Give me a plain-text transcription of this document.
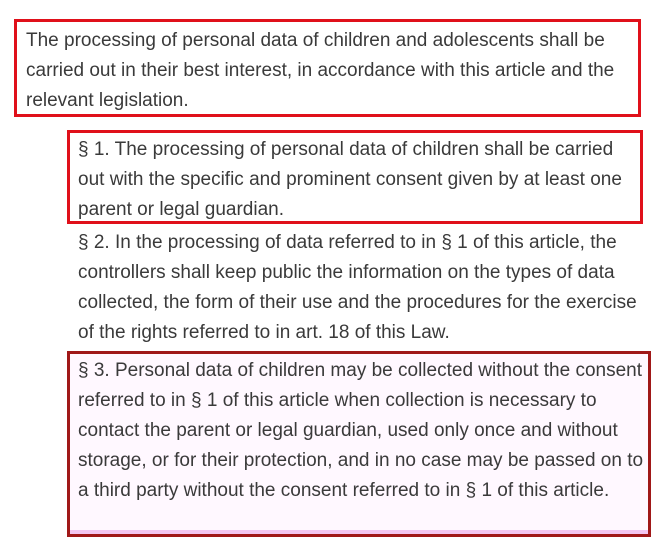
The processing of personal data of children and adolescents shall be carried out in their best interest, in accordance with this article and the relevant legislation.

§ 1. The processing of personal data of children shall be carried out with the specific and prominent consent given by at least one parent or legal guardian.

§ 2. In the processing of data referred to in § 1 of this article, the controllers shall keep public the information on the types of data collected, the form of their use and the procedures for the exercise of the rights referred to in art. 18 of this Law.

§ 3. Personal data of children may be collected without the consent referred to in § 1 of this article when collection is necessary to contact the parent or legal guardian, used only once and without storage, or for their protection, and in no case may be passed on to a third party without the consent referred to in § 1 of this article.
